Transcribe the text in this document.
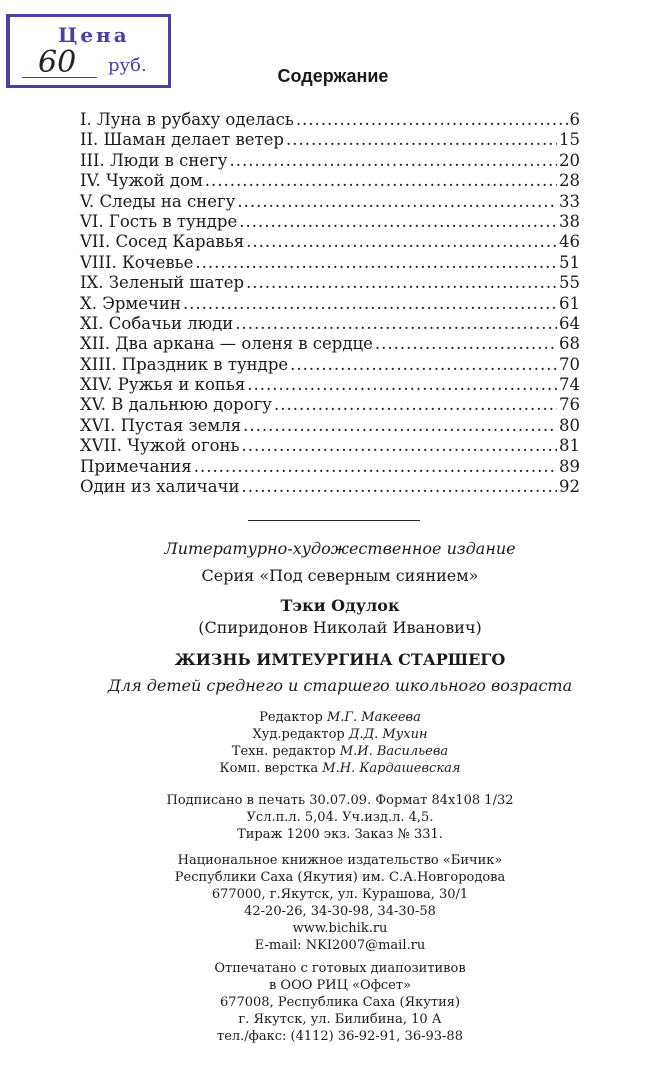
Цена
60 руб.	Содержание
I. Луна в рубаху оделась .....	6
II. Шаман делает ветер .....	15
III. Люди в снегу .....	20
IV. Чужой дом .....	28
V. Следы на снегу .....	33
VI. Гость в тундре .....	38
VII. Сосед Каравья .....	46
VIII. Кочевье .....	51
IX. Зеленый шатер .....	55
X. Эрмечин .....	61
XI. Собачьи люди .....	64
XII. Два аркана — оленя в сердце .....	68
XIII. Праздник в тундре .....	70
XIV. Ружья и копья .....	74
XV. В дальнюю дорогу .....	76
XVI. Пустая земля .....	80
XVII. Чужой огонь .....	81
Примечания .....	89
Один из халичачи .....	92
Литературно-художественное издание
Серия «Под северным сиянием»
Тэки Одулок
(Спиридонов Николай Иванович)
ЖИЗНЬ ИМТЕУРГИНА СТАРШЕГО
Для детей среднего и старшего школьного возраста
Редактор М.Г. Макеева
Худ.редактор Д.Д. Мухин
Техн. редактор М.И. Васильева
Комп. верстка М.Н. Кардашевская
Подписано в печать 30.07.09. Формат 84x108 1/32
Усл.п.л. 5,04. Уч.изд.л. 4,5.
Тираж 1200 экз. Заказ № 331.
Национальное книжное издательство «Бичик»
Республики Саха (Якутия) им. С.А.Новгородова
677000, г.Якутск, ул. Курашова, 30/1
42-20-26, 34-30-98, 34-30-58
www.bichik.ru
E-mail: NKI2007@mail.ru
Отпечатано с готовых диапозитивов
в ООО РИЦ «Офсет»
677008, Республика Саха (Якутия)
г. Якутск, ул. Билибина, 10 А
тел./факс: (4112) 36-92-91, 36-93-88
